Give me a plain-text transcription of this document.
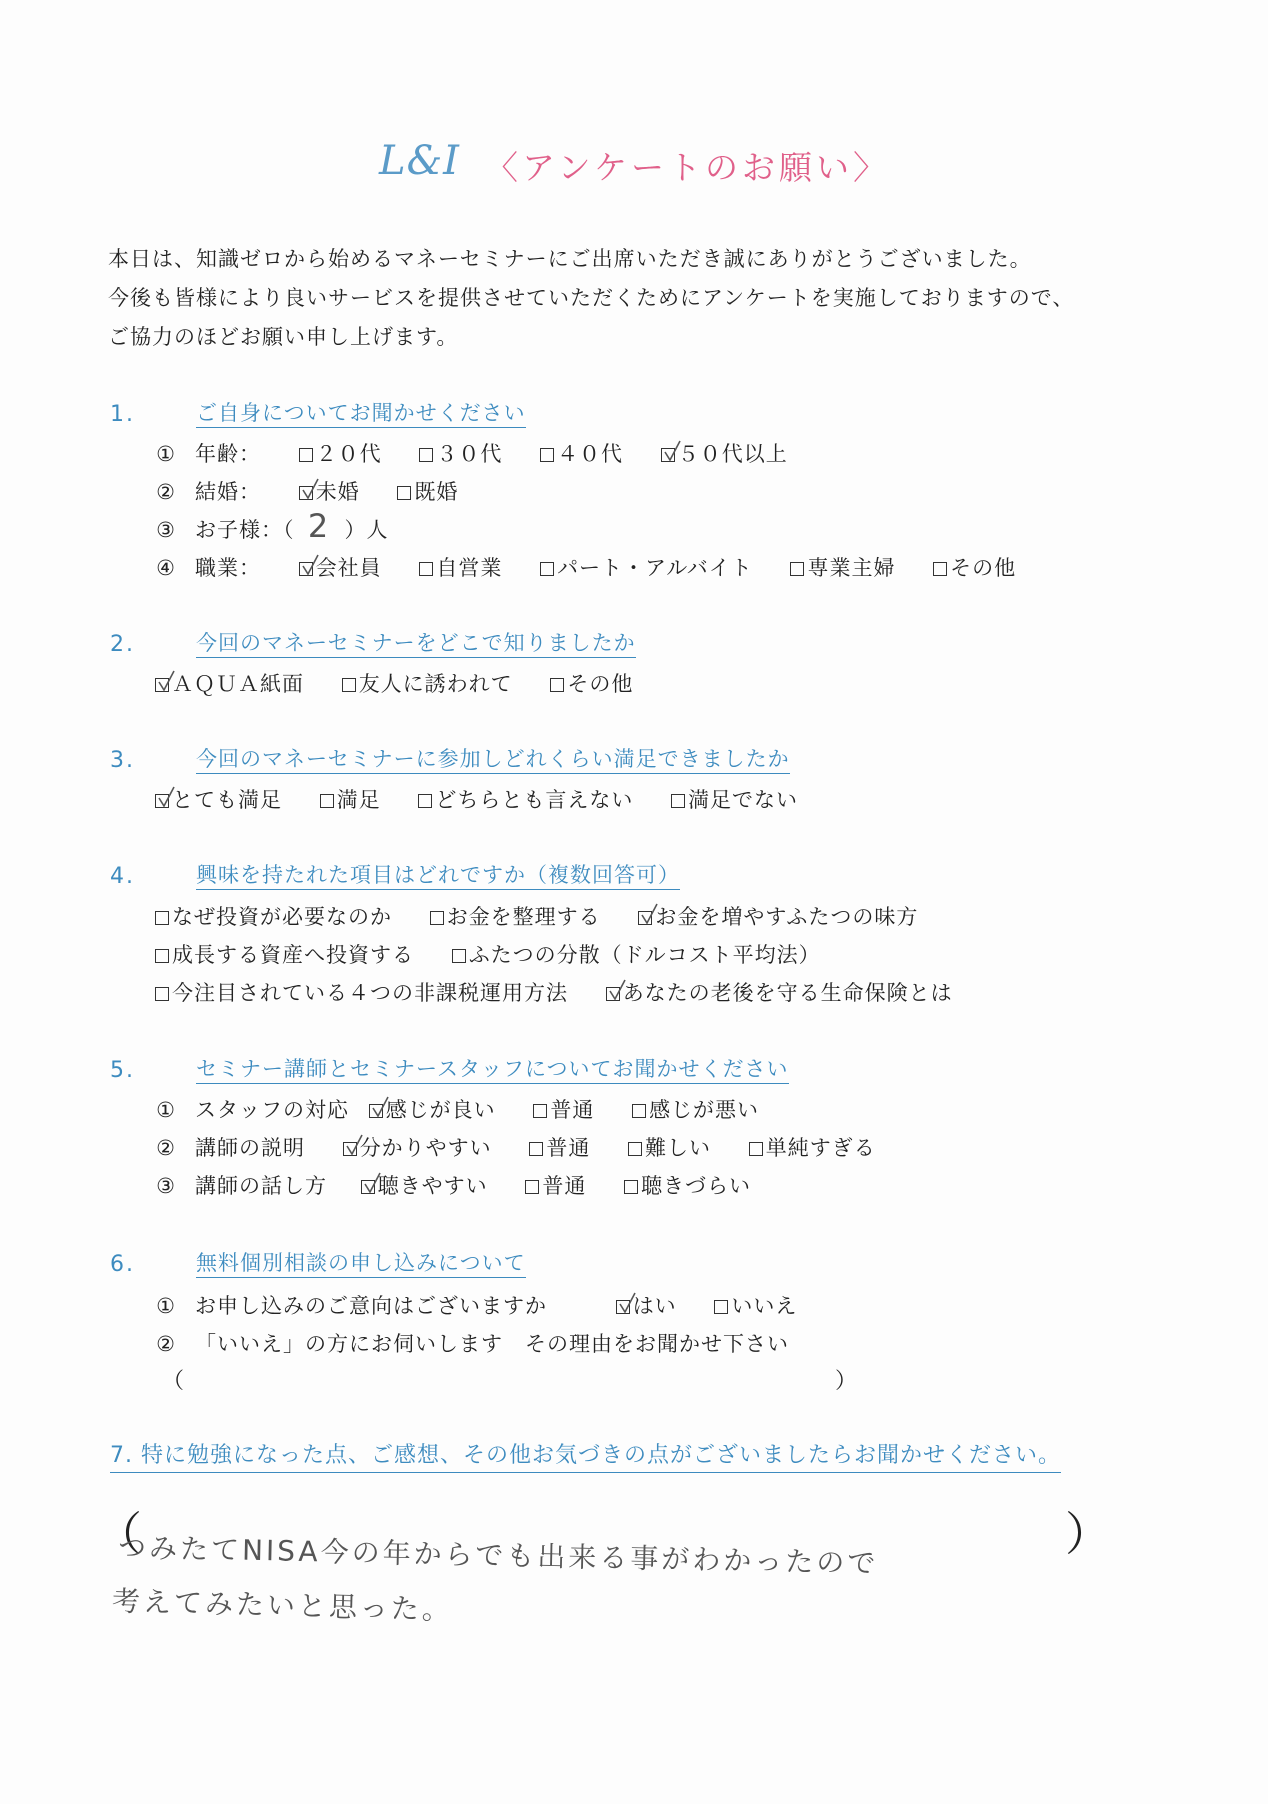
L&I 〈アンケートのお願い〉
本日は、知識ゼロから始めるマネーセミナーにご出席いただき誠にありがとうございました。
今後も皆様により良いサービスを提供させていただくためにアンケートを実施しておりますので、
ご協力のほどお願い申し上げます。
1.	ご自身についてお聞かせください
① 年齢：	２０代	３０代	４０代	５０代以上
② 結婚：	未婚	既婚
③ お子様：（ 2 ）人
④ 職業：	会社員	自営業	パート・アルバイト	専業主婦	その他
2.	今回のマネーセミナーをどこで知りましたか
ＡＱＵＡ紙面	友人に誘われて	その他
3.	今回のマネーセミナーに参加しどれくらい満足できましたか
とても満足	満足	どちらとも言えない	満足でない
4.	興味を持たれた項目はどれですか（複数回答可）
なぜ投資が必要なのか	お金を整理する	お金を増やすふたつの味方
成長する資産へ投資する	ふたつの分散（ドルコスト平均法）
今注目されている４つの非課税運用方法	あなたの老後を守る生命保険とは
5.	セミナー講師とセミナースタッフについてお聞かせください
① スタッフの対応 感じが良い	普通	感じが悪い
② 講師の説明	分かりやすい	普通	難しい	単純すぎる
③ 講師の話し方 聴きやすい	普通	聴きづらい
6.	無料個別相談の申し込みについて
① お申し込みのご意向はございますか	はい	いいえ
② 「いいえ」の方にお伺いします　その理由をお聞かせ下さい
（	）
7. 特に勉強になった点、ご感想、その他お気づきの点がございましたらお聞かせください。
（	）
つみたてNISA今の年からでも出来る事がわかったので
考えてみたいと思った。
